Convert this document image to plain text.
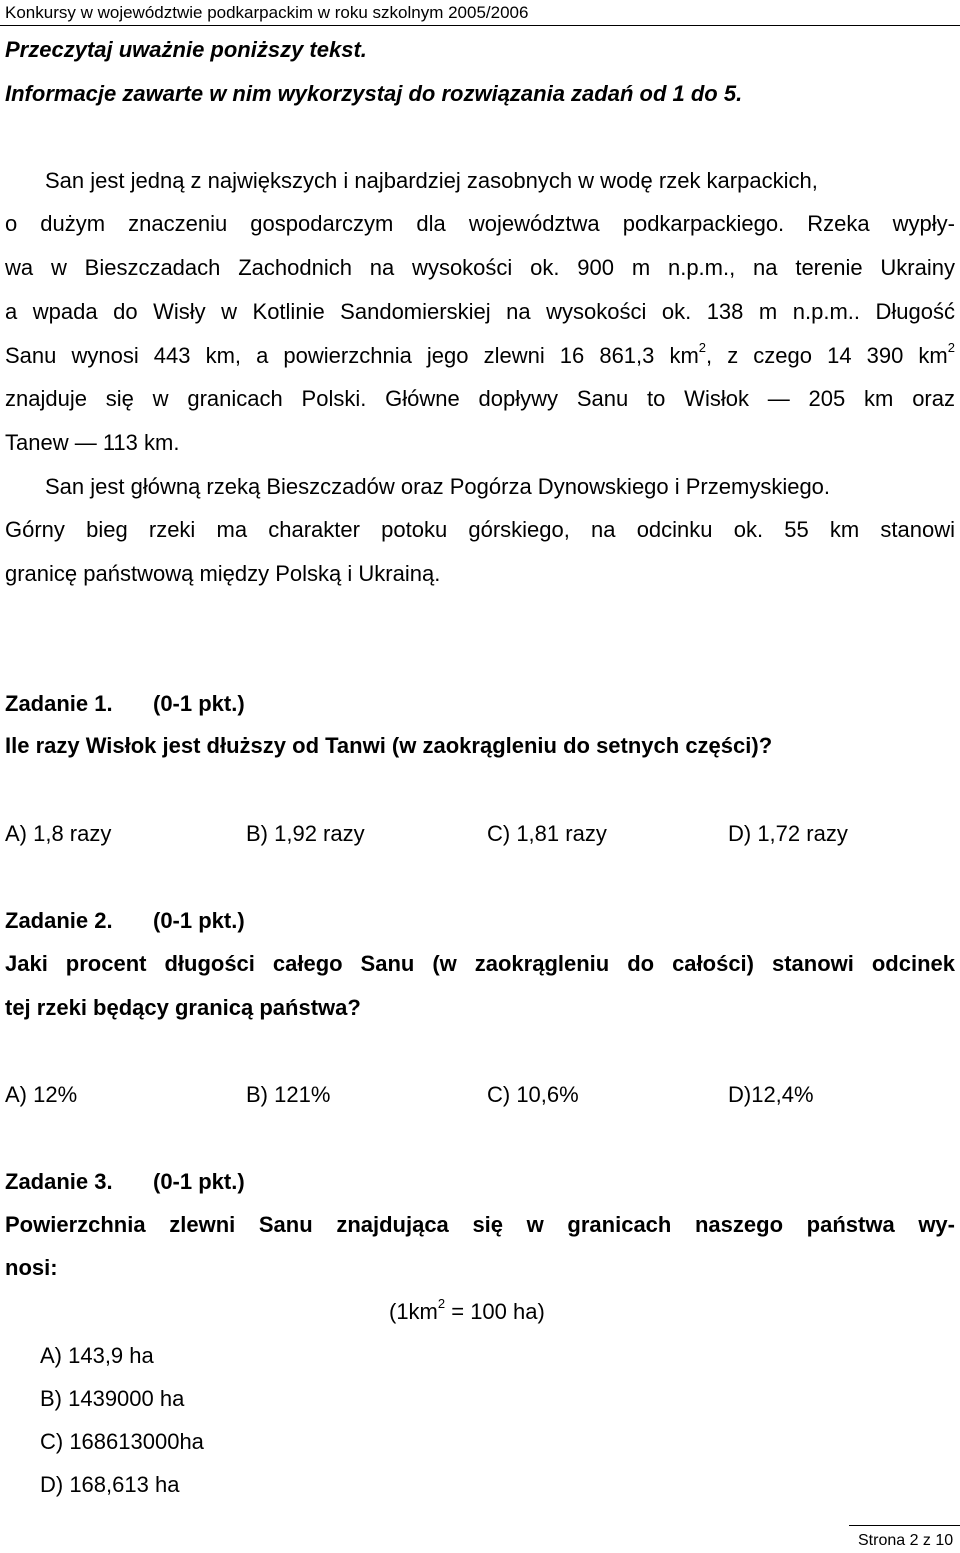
Konkursy w województwie podkarpackim w roku szkolnym 2005/2006
Przeczytaj uważnie poniższy tekst.
Informacje zawarte w nim wykorzystaj do rozwiązania zadań od 1 do 5.
San jest jedną z największych i najbardziej zasobnych w wodę rzek karpackich,
o dużym znaczeniu gospodarczym dla województwa podkarpackiego. Rzeka wypły-
wa w Bieszczadach Zachodnich na wysokości ok. 900 m n.p.m., na terenie Ukrainy
a wpada do Wisły w Kotlinie Sandomierskiej na wysokości ok. 138 m n.p.m.. Długość
Sanu wynosi 443 km, a powierzchnia jego zlewni 16 861,3 $km^2$, z czego 14 390 $km^2$
znajduje się w granicach Polski. Główne dopływy Sanu to Wisłok — 205 km oraz
Tanew — 113 km.
San jest główną rzeką Bieszczadów oraz Pogórza Dynowskiego i Przemyskiego.
Górny bieg rzeki ma charakter potoku górskiego, na odcinku ok. 55 km stanowi
granicę państwową między Polską i Ukrainą.
Zadanie 1. (0-1 pkt.)
Ile razy Wisłok jest dłuższy od Tanwi (w zaokrągleniu do setnych części)?
A) 1,8 razy	B) 1,92 razy	C) 1,81 razy	D) 1,72 razy
Zadanie 2. (0-1 pkt.)
Jaki procent długości całego Sanu (w zaokrągleniu do całości) stanowi odcinek
tej rzeki będący granicą państwa?
A) 12%	B) 121%	C) 10,6%	D)12,4%
Zadanie 3. (0-1 pkt.)
Powierzchnia zlewni Sanu znajdująca się w granicach naszego państwa wy-
nosi:
($1km^2 = 100$ ha)
A) 143,9 ha
B) 1439000 ha
C) 168613000ha
D) 168,613 ha
Strona 2 z 10
